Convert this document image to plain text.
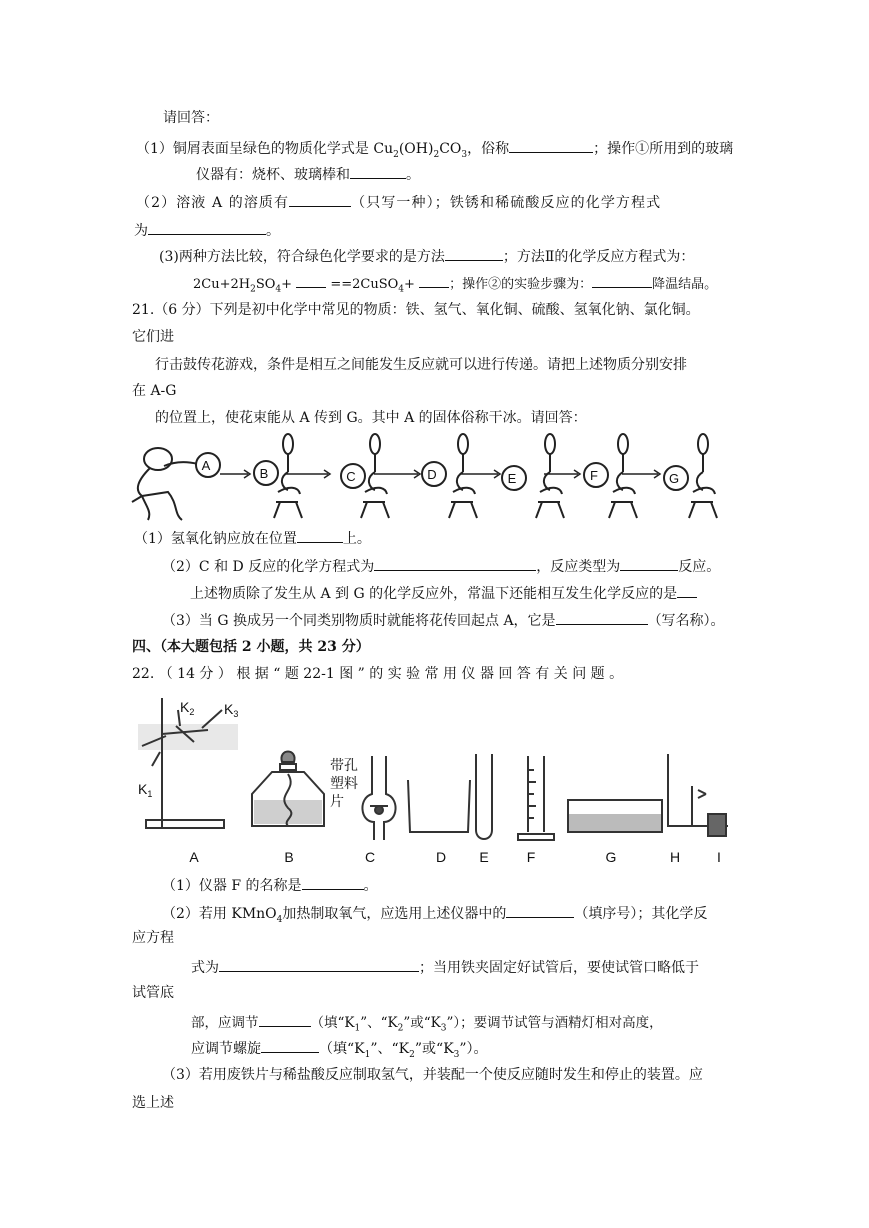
请回答：
（1）铜屑表面呈绿色的物质化学式是 $Cu_2(OH)_2CO_3$，俗称	；操作①所用到的玻璃
仪器有：烧杯、玻璃棒和	。
（2）溶液 A 的溶质有	（只写一种）；铁锈和稀硫酸反应的化学方程式
为	。
(3)两种方法比较，符合绿色化学要求的是方法	；方法Ⅱ的化学反应方程式为：
$2Cu+2H_2SO_4+$	==2CuSO$_4$+	；操作②的实验步骤为：	降温结晶。
21.（6 分）下列是初中化学中常见的物质：铁、氢气、氧化铜、硫酸、氢氧化钠、氯化铜。
它们进
行击鼓传花游戏，条件是相互之间能发生反应就可以进行传递。请把上述物质分别安排
在 A-G
的位置上，使花束能从 A 传到 G。其中 A 的固体俗称干冰。请回答：
A
B	C	D	E	F	G
（1）氢氧化钠应放在位置	上。
（2）C 和 D 反应的化学方程式为	，反应类型为	反应。
上述物质除了发生从 A 到 G 的化学反应外，常温下还能相互发生化学反应的是
（3）当 G 换成另一个同类别物质时就能将花传回起点 A，它是	（写名称）。
四、（本大题包括 2 小题，共 23 分）
22. （ 14 分 ） 根 据 “ 题 22-1 图 ” 的 实 验 常 用 仪 器 回 答 有 关 问 题 。
$K_2$ $K_3$
$K_1$
带孔
塑料
片
A	B	C	D E	F	G	H	I
（1）仪器 F 的名称是	。
（2）若用 KMnO$_4$加热制取氧气，应选用上述仪器中的	（填序号）；其化学反
应方程
式为	；当用铁夹固定好试管后，要使试管口略低于
试管底
部，应调节	（填“$K_1$”、“$K_2$”或“$K_3$”）；要调节试管与酒精灯相对高度，
应调节螺旋	（填“$K_1$”、“$K_2$”或“$K_3$”）。
（3）若用废铁片与稀盐酸反应制取氢气，并装配一个使反应随时发生和停止的装置。应
选上述
